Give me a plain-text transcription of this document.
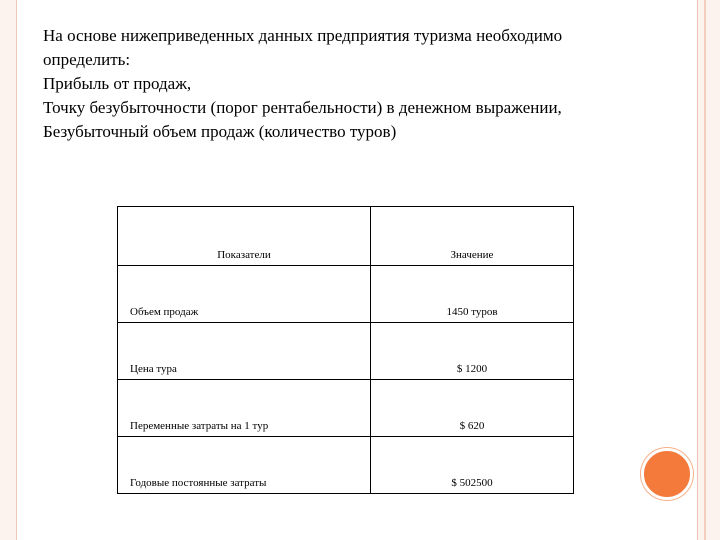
На основе нижеприведенных данных предприятия туризма необходимо
определить:
Прибыль от продаж,
Точку безубыточности (порог рентабельности) в денежном выражении,
Безубыточный объем продаж (количество туров)
Показатели	Значение
Объем продаж	1450 туров
Цена тура	$ 1200
Переменные затраты на 1 тур	$ 620
Годовые постоянные затраты	$ 502500
